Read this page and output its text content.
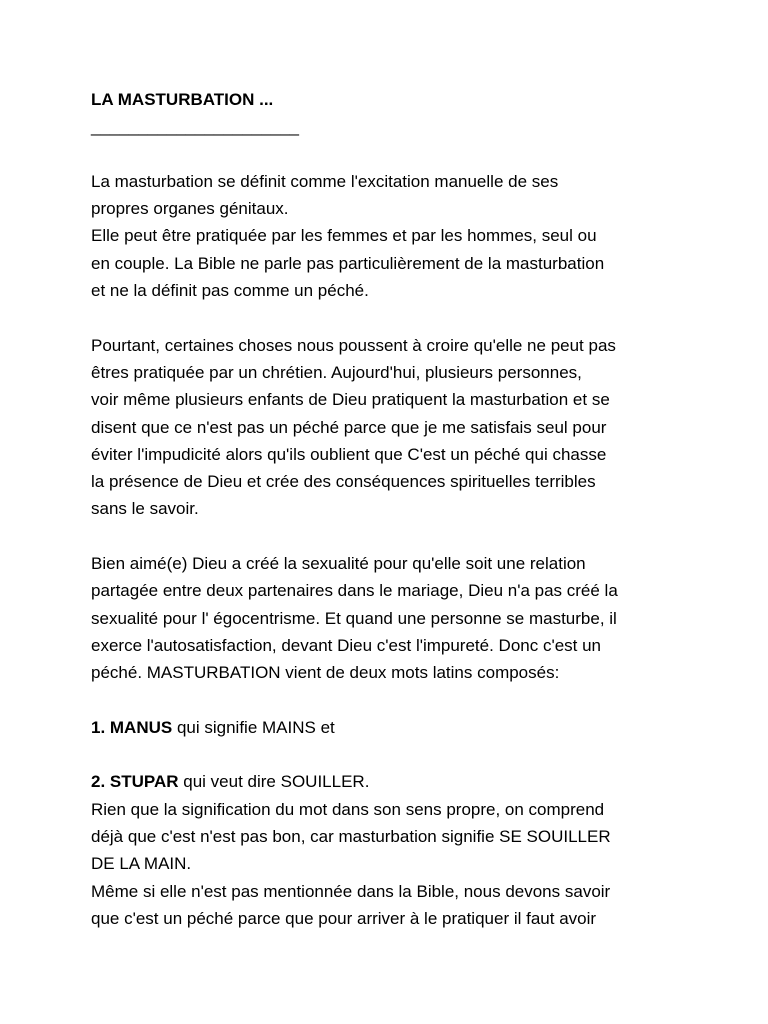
LA MASTURBATION ...
______________________
La masturbation se définit comme l'excitation manuelle de ses
propres organes génitaux.
Elle peut être pratiquée par les femmes et par les hommes, seul ou
en couple. La Bible ne parle pas particulièrement de la masturbation
et ne la définit pas comme un péché.
Pourtant, certaines choses nous poussent à croire qu'elle ne peut pas
êtres pratiquée par un chrétien. Aujourd'hui, plusieurs personnes,
voir même plusieurs enfants de Dieu pratiquent la masturbation et se
disent que ce n'est pas un péché parce que je me satisfais seul pour
éviter l'impudicité alors qu'ils oublient que C'est un péché qui chasse
la présence de Dieu et crée des conséquences spirituelles terribles
sans le savoir.
Bien aimé(e) Dieu a créé la sexualité pour qu'elle soit une relation
partagée entre deux partenaires dans le mariage, Dieu n'a pas créé la
sexualité pour l' égocentrisme. Et quand une personne se masturbe, il
exerce l'autosatisfaction, devant Dieu c'est l'impureté. Donc c'est un
péché. MASTURBATION vient de deux mots latins composés:
1. MANUS qui signifie MAINS et
2. STUPAR qui veut dire SOUILLER.
Rien que la signification du mot dans son sens propre, on comprend
déjà que c'est n'est pas bon, car masturbation signifie SE SOUILLER
DE LA MAIN.
Même si elle n'est pas mentionnée dans la Bible, nous devons savoir
que c'est un péché parce que pour arriver à le pratiquer il faut avoir
